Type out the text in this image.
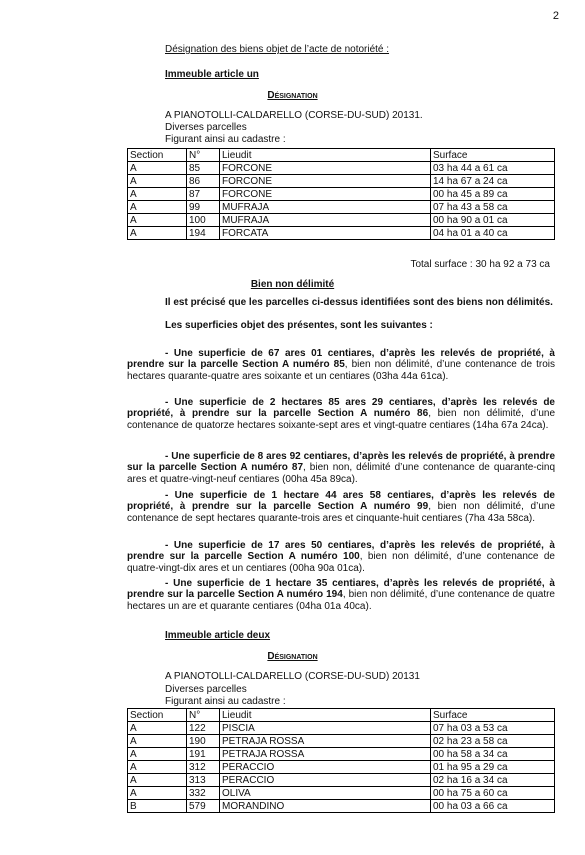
2
Désignation des biens objet de l’acte de notoriété :
Immeuble article un
Désignation
A PIANOTOLLI-CALDARELLO (CORSE-DU-SUD) 20131.
Diverses parcelles
Figurant ainsi au cadastre :
Section	N°	Lieudit	Surface
A	85	FORCONE	03 ha 44 a 61 ca
A	86	FORCONE	14 ha 67 a 24 ca
A	87	FORCONE	00 ha 45 a 89 ca
A	99	MUFRAJA	07 ha 43 a 58 ca
A	100	MUFRAJA	00 ha 90 a 01 ca
A	194	FORCATA	04 ha 01 a 40 ca
Total surface : 30 ha 92 a 73 ca
Bien non délimité
Il est précisé que les parcelles ci-dessus identifiées sont des biens non délimités.
Les superficies objet des présentes, sont les suivantes :
- Une superficie de 67 ares 01 centiares, d’après les relevés de propriété, à prendre sur la parcelle Section A numéro 85, bien non délimité, d’une contenance de trois hectares quarante-quatre ares soixante et un centiares (03ha 44a 61ca).
- Une superficie de 2 hectares 85 ares 29 centiares, d’après les relevés de propriété, à prendre sur la parcelle Section A numéro 86, bien non délimité, d’une contenance de quatorze hectares soixante-sept ares et vingt-quatre centiares (14ha 67a 24ca).
- Une superficie de 8 ares 92 centiares, d’après les relevés de propriété, à prendre sur la parcelle Section A numéro 87, bien non, délimité d’une contenance de quarante-cinq ares et quatre-vingt-neuf centiares (00ha 45a 89ca).
- Une superficie de 1 hectare 44 ares 58 centiares, d’après les relevés de propriété, à prendre sur la parcelle Section A numéro 99, bien non délimité, d’une contenance de sept hectares quarante-trois ares et cinquante-huit centiares (7ha 43a 58ca).
- Une superficie de 17 ares 50 centiares, d’après les relevés de propriété, à prendre sur la parcelle Section A numéro 100, bien non délimité, d’une contenance de quatre-vingt-dix ares et un centiares (00ha 90a 01ca).
- Une superficie de 1 hectare 35 centiares, d’après les relevés de propriété, à prendre sur la parcelle Section A numéro 194, bien non délimité, d’une contenance de quatre hectares un are et quarante centiares (04ha 01a 40ca).
Immeuble article deux
Désignation
A PIANOTOLLI-CALDARELLO (CORSE-DU-SUD) 20131
Diverses parcelles
Figurant ainsi au cadastre :
Section	N°	Lieudit	Surface
A	122	PISCIA	07 ha 03 a 53 ca
A	190	PETRAJA ROSSA	02 ha 23 a 58 ca
A	191	PETRAJA ROSSA	00 ha 58 a 34 ca
A	312	PERACCIO	01 ha 95 a 29 ca
A	313	PERACCIO	02 ha 16 a 34 ca
A	332	OLIVA	00 ha 75 a 60 ca
B	579	MORANDINO	00 ha 03 a 66 ca
